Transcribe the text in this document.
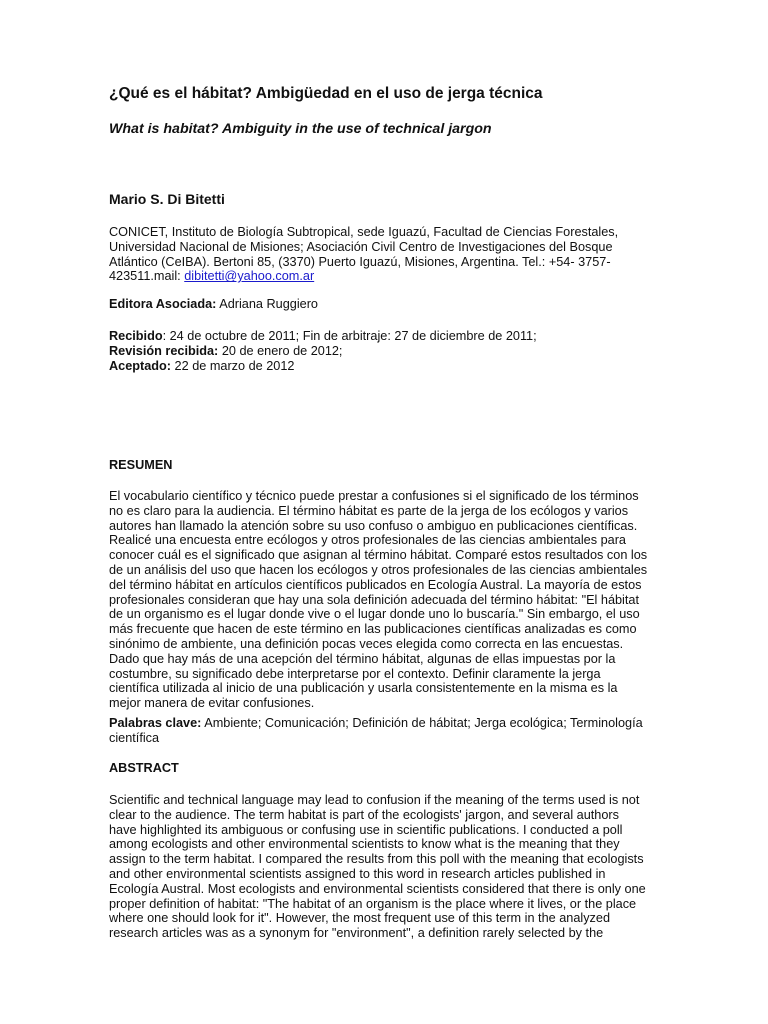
¿Qué es el hábitat? Ambigüedad en el uso de jerga técnica
What is habitat? Ambiguity in the use of technical jargon
Mario S. Di Bitetti
CONICET, Instituto de Biología Subtropical, sede Iguazú, Facultad de Ciencias Forestales,
Universidad Nacional de Misiones; Asociación Civil Centro de Investigaciones del Bosque
Atlántico (CeIBA). Bertoni 85, (3370) Puerto Iguazú, Misiones, Argentina. Tel.: +54- 3757-
423511.mail: dibitetti@yahoo.com.ar
Editora Asociada: Adriana Ruggiero
Recibido: 24 de octubre de 2011; Fin de arbitraje: 27 de diciembre de 2011;
Revisión recibida: 20 de enero de 2012;
Aceptado: 22 de marzo de 2012
RESUMEN
El vocabulario científico y técnico puede prestar a confusiones si el significado de los términos
no es claro para la audiencia. El término hábitat es parte de la jerga de los ecólogos y varios
autores han llamado la atención sobre su uso confuso o ambiguo en publicaciones científicas.
Realicé una encuesta entre ecólogos y otros profesionales de las ciencias ambientales para
conocer cuál es el significado que asignan al término hábitat. Comparé estos resultados con los
de un análisis del uso que hacen los ecólogos y otros profesionales de las ciencias ambientales
del término hábitat en artículos científicos publicados en Ecología Austral. La mayoría de estos
profesionales consideran que hay una sola definición adecuada del término hábitat: "El hábitat
de un organismo es el lugar donde vive o el lugar donde uno lo buscaría." Sin embargo, el uso
más frecuente que hacen de este término en las publicaciones científicas analizadas es como
sinónimo de ambiente, una definición pocas veces elegida como correcta en las encuestas.
Dado que hay más de una acepción del término hábitat, algunas de ellas impuestas por la
costumbre, su significado debe interpretarse por el contexto. Definir claramente la jerga
científica utilizada al inicio de una publicación y usarla consistentemente en la misma es la
mejor manera de evitar confusiones.
Palabras clave: Ambiente; Comunicación; Definición de hábitat; Jerga ecológica; Terminología
científica
ABSTRACT
Scientific and technical language may lead to confusion if the meaning of the terms used is not
clear to the audience. The term habitat is part of the ecologists' jargon, and several authors
have highlighted its ambiguous or confusing use in scientific publications. I conducted a poll
among ecologists and other environmental scientists to know what is the meaning that they
assign to the term habitat. I compared the results from this poll with the meaning that ecologists
and other environmental scientists assigned to this word in research articles published in
Ecología Austral. Most ecologists and environmental scientists considered that there is only one
proper definition of habitat: "The habitat of an organism is the place where it lives, or the place
where one should look for it". However, the most frequent use of this term in the analyzed
research articles was as a synonym for "environment", a definition rarely selected by the
